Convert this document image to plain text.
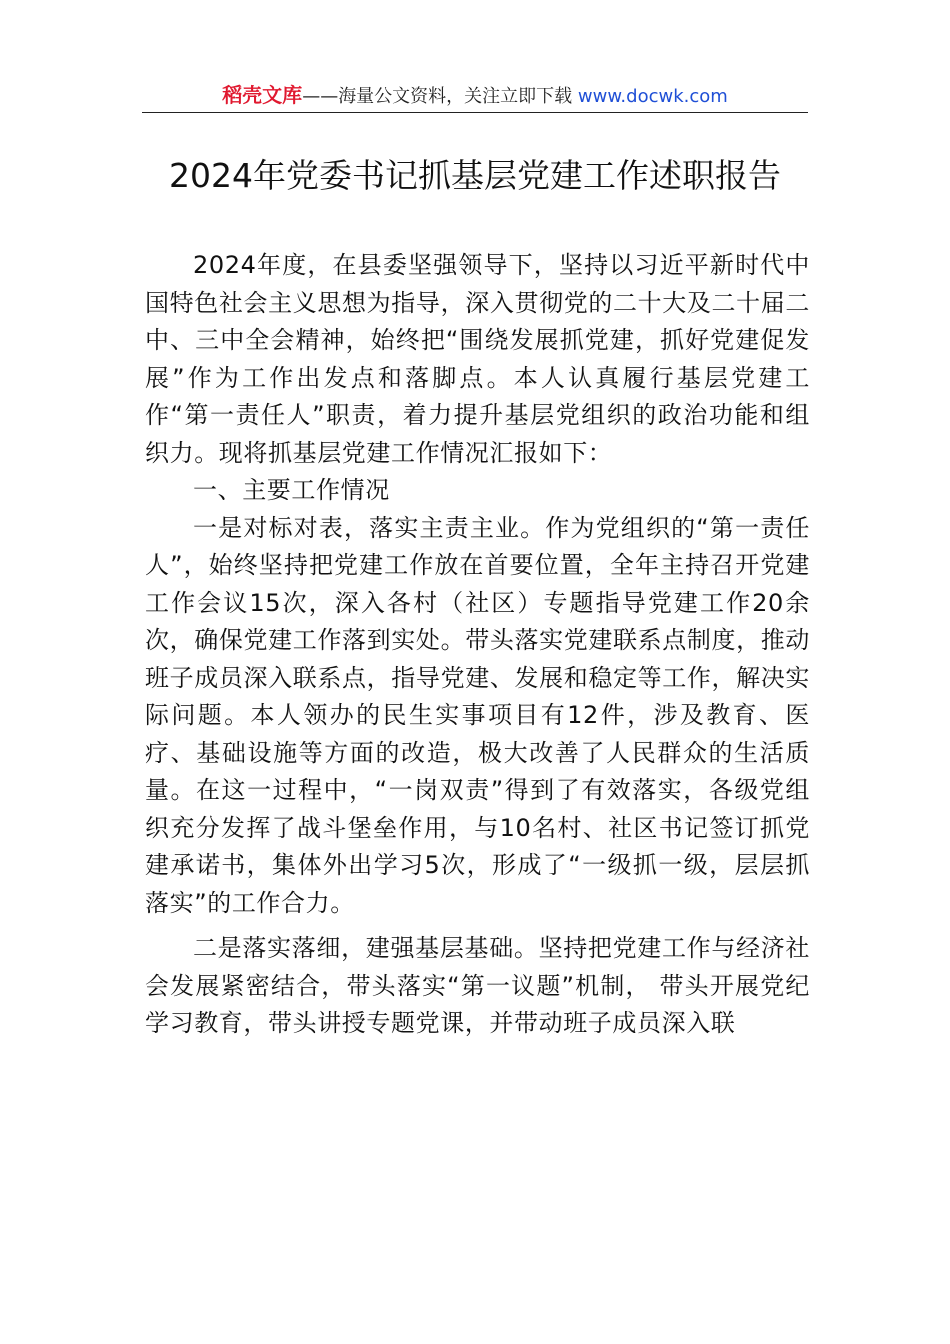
稻壳文库——海量公文资料，关注立即下载 www.docwk.com
2024年党委书记抓基层党建工作述职报告

2024年度，在县委坚强领导下，坚持以习近平新时代中国特色社会主义思想为指导，深入贯彻党的二十大及二十届二中、三中全会精神，始终把“围绕发展抓党建，抓好党建促发展”作为工作出发点和落脚点。本人认真履行基层党建工作“第一责任人”职责，着力提升基层党组织的政治功能和组织力。现将抓基层党建工作情况汇报如下：

一、主要工作情况

一是对标对表，落实主责主业。作为党组织的“第一责任人”，始终坚持把党建工作放在首要位置，全年主持召开党建工作会议15次，深入各村（社区）专题指导党建工作20余次，确保党建工作落到实处。带头落实党建联系点制度，推动班子成员深入联系点，指导党建、发展和稳定等工作，解决实际问题。本人领办的民生实事项目有12件，涉及教育、医疗、基础设施等方面的改造，极大改善了人民群众的生活质量。在这一过程中，“一岗双责”得到了有效落实，各级党组织充分发挥了战斗堡垒作用，与10名村、社区书记签订抓党建承诺书，集体外出学习5次，形成了“一级抓一级，层层抓落实”的工作合力。

二是落实落细，建强基层基础。坚持把党建工作与经济社会发展紧密结合，带头落实“第一议题”机制， 带头开展党纪学习教育，带头讲授专题党课，并带动班子成员深入联
